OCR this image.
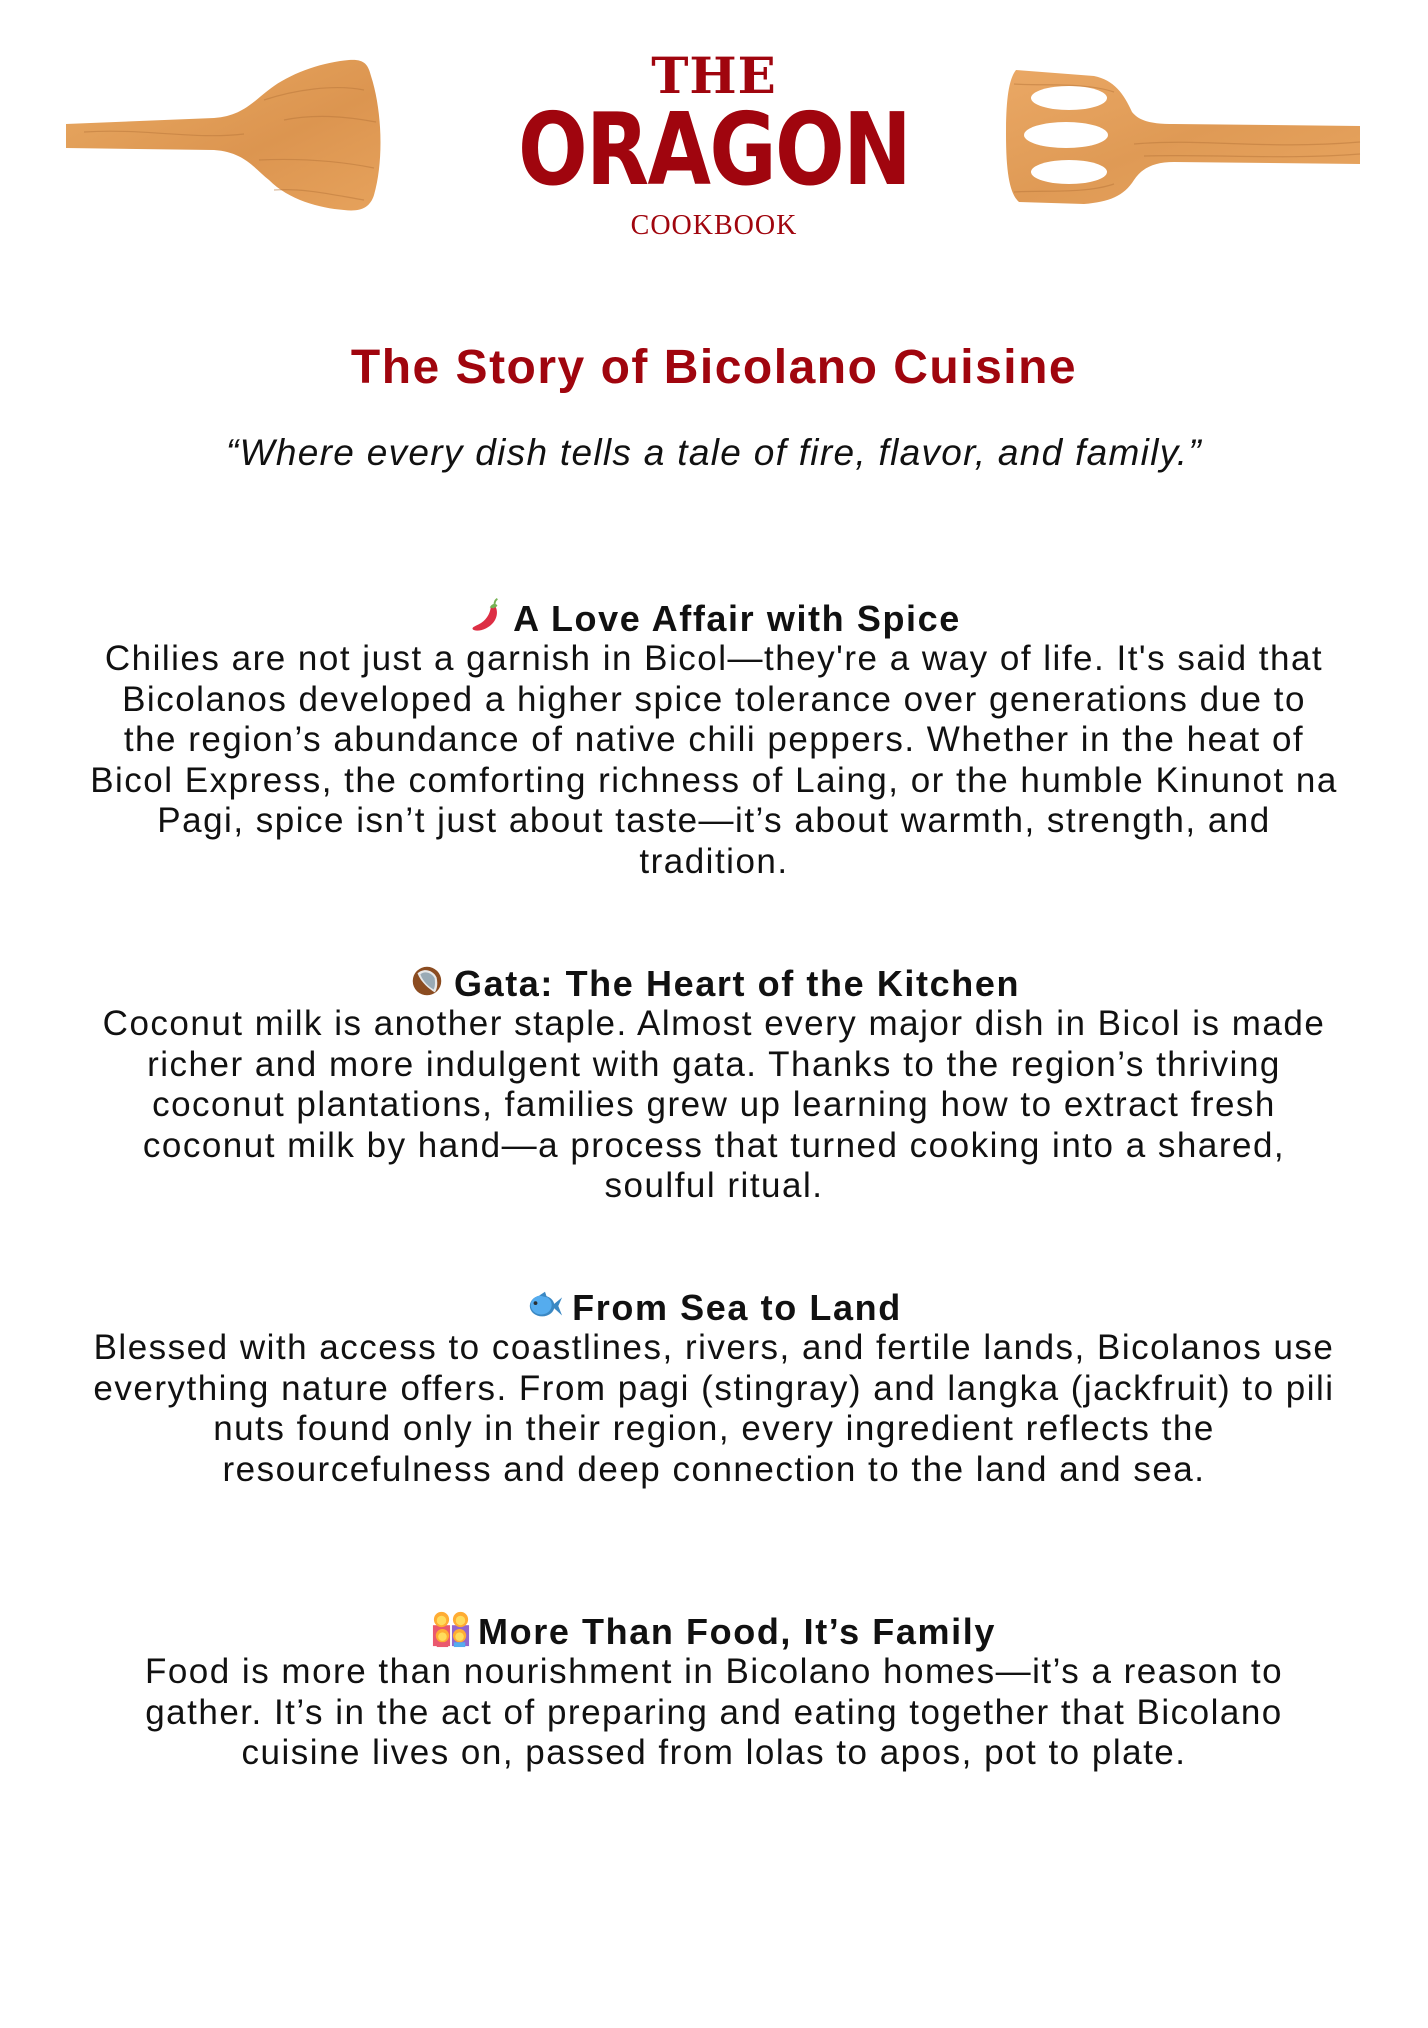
THE
ORAGON
COOKBOOK
The Story of Bicolano Cuisine
“Where every dish tells a tale of fire, flavor, and family.”
A Love Affair with Spice

Chilies are not just a garnish in Bicol—they're a way of life. It's said that Bicolanos developed a higher spice tolerance over generations due to the region’s abundance of native chili peppers. Whether in the heat of Bicol Express, the comforting richness of Laing, or the humble Kinunot na Pagi, spice isn’t just about taste—it’s about warmth, strength, and tradition.

Gata: The Heart of the Kitchen

Coconut milk is another staple. Almost every major dish in Bicol is made richer and more indulgent with gata. Thanks to the region’s thriving coconut plantations, families grew up learning how to extract fresh coconut milk by hand—a process that turned cooking into a shared, soulful ritual.

From Sea to Land

Blessed with access to coastlines, rivers, and fertile lands, Bicolanos use everything nature offers. From pagi (stingray) and langka (jackfruit) to pili nuts found only in their region, every ingredient reflects the resourcefulness and deep connection to the land and sea.

More Than Food, It’s Family

Food is more than nourishment in Bicolano homes—it’s a reason to gather. It’s in the act of preparing and eating together that Bicolano cuisine lives on, passed from lolas to apos, pot to plate.
